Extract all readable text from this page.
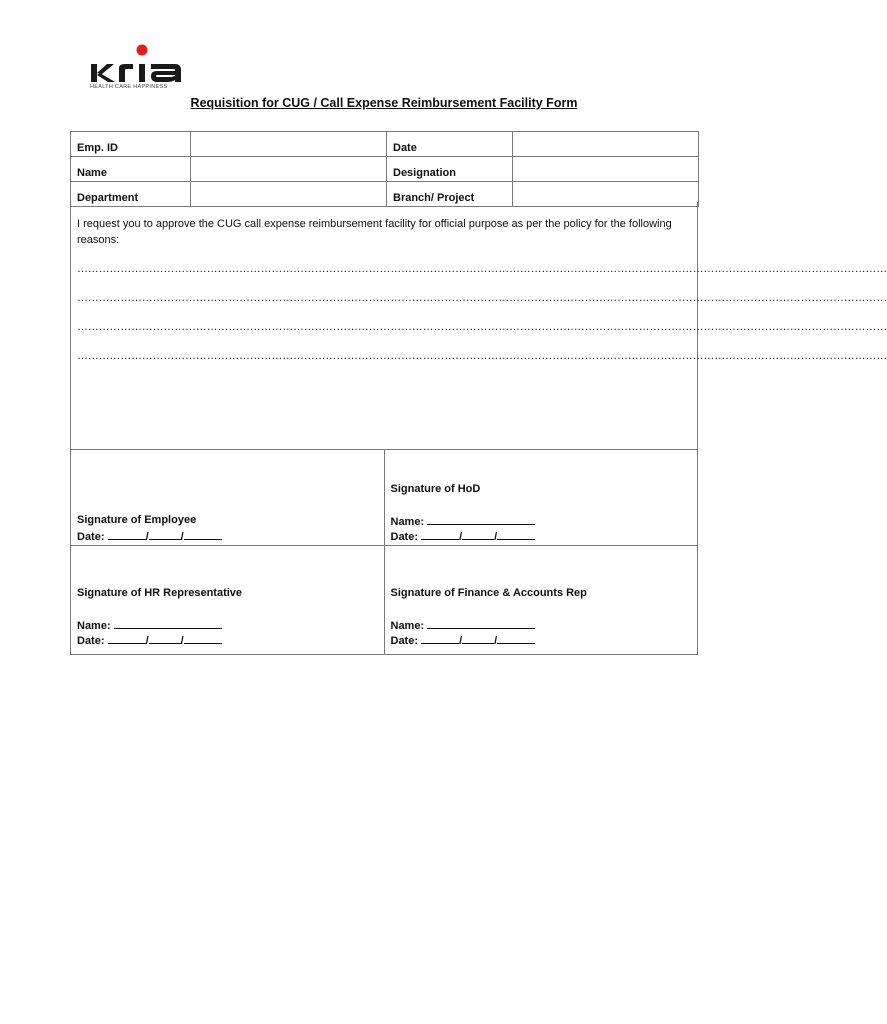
HEALTH CARE HAPPINESS
Requisition for CUG / Call Expense Reimbursement Facility Form
Emp. ID		Date	
Name		Designation	
Department		Branch/ Project	

I request you to approve the CUG call expense reimbursement facility for official purpose as per the policy for the following reasons:

………………………………………………………………………………………………………………………………………………………………………………………………………

………………………………………………………………………………………………………………………………………………………………………………………………………

………………………………………………………………………………………………………………………………………………………………………………………………………

………………………………………………………………………………………………………………………………………………………………………………………………………

Signature of Employee
Date:	/	/
Signature of HoD
Name:
Date:	/	/
Signature of HR Representative
Name:
Date:	/	/
Signature of Finance & Accounts Rep
Name:
Date:	/	/
